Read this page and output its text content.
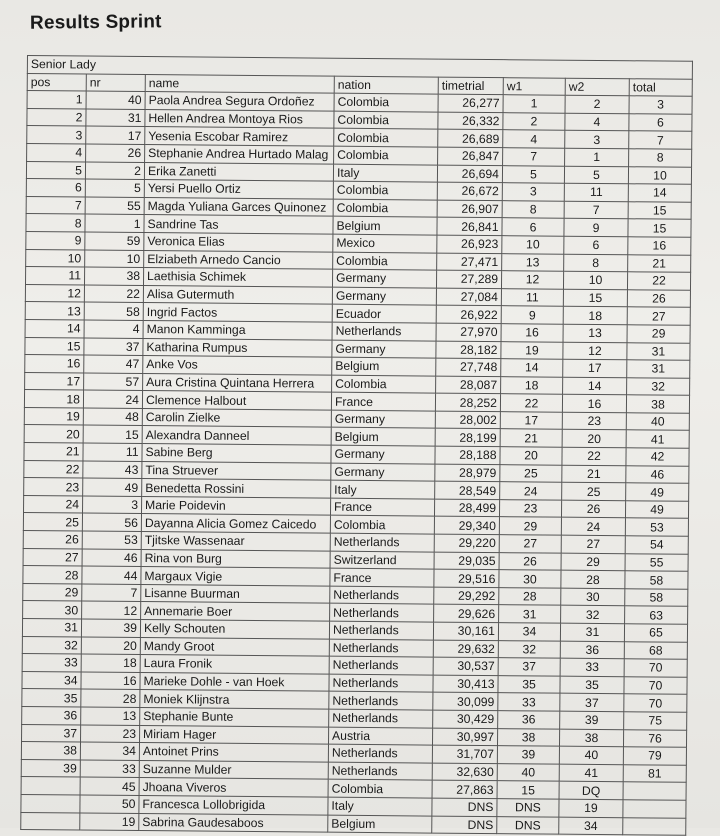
Results Sprint
Senior Lady							
pos	nr	name	nation	timetrial	w1	w2	total
1	40	Paola Andrea Segura Ordoñez	Colombia	26,277	1	2	3
2	31	Hellen Andrea Montoya Rios	Colombia	26,332	2	4	6
3	17	Yesenia Escobar Ramirez	Colombia	26,689	4	3	7
4	26	Stephanie Andrea Hurtado Malag	Colombia	26,847	7	1	8
5	2	Erika Zanetti	Italy	26,694	5	5	10
6	5	Yersi Puello Ortiz	Colombia	26,672	3	11	14
7	55	Magda Yuliana Garces Quinonez	Colombia	26,907	8	7	15
8	1	Sandrine Tas	Belgium	26,841	6	9	15
9	59	Veronica Elias	Mexico	26,923	10	6	16
10	10	Elziabeth Arnedo Cancio	Colombia	27,471	13	8	21
11	38	Laethisia Schimek	Germany	27,289	12	10	22
12	22	Alisa Gutermuth	Germany	27,084	11	15	26
13	58	Ingrid Factos	Ecuador	26,922	9	18	27
14	4	Manon Kamminga	Netherlands	27,970	16	13	29
15	37	Katharina Rumpus	Germany	28,182	19	12	31
16	47	Anke Vos	Belgium	27,748	14	17	31
17	57	Aura Cristina Quintana Herrera	Colombia	28,087	18	14	32
18	24	Clemence Halbout	France	28,252	22	16	38
19	48	Carolin Zielke	Germany	28,002	17	23	40
20	15	Alexandra Danneel	Belgium	28,199	21	20	41
21	11	Sabine Berg	Germany	28,188	20	22	42
22	43	Tina Struever	Germany	28,979	25	21	46
23	49	Benedetta Rossini	Italy	28,549	24	25	49
24	3	Marie Poidevin	France	28,499	23	26	49
25	56	Dayanna Alicia Gomez Caicedo	Colombia	29,340	29	24	53
26	53	Tjitske Wassenaar	Netherlands	29,220	27	27	54
27	46	Rina von Burg	Switzerland	29,035	26	29	55
28	44	Margaux Vigie	France	29,516	30	28	58
29	7	Lisanne Buurman	Netherlands	29,292	28	30	58
30	12	Annemarie Boer	Netherlands	29,626	31	32	63
31	39	Kelly Schouten	Netherlands	30,161	34	31	65
32	20	Mandy Groot	Netherlands	29,632	32	36	68
33	18	Laura Fronik	Netherlands	30,537	37	33	70
34	16	Marieke Dohle - van Hoek	Netherlands	30,413	35	35	70
35	28	Moniek Klijnstra	Netherlands	30,099	33	37	70
36	13	Stephanie Bunte	Netherlands	30,429	36	39	75
37	23	Miriam Hager	Austria	30,997	38	38	76
38	34	Antoinet Prins	Netherlands	31,707	39	40	79
39	33	Suzanne Mulder	Netherlands	32,630	40	41	81
	45	Jhoana Viveros	Colombia	27,863	15	DQ	
	50	Francesca Lollobrigida	Italy	DNS	DNS	19	
	19	Sabrina Gaudesaboos	Belgium	DNS	DNS	34	
